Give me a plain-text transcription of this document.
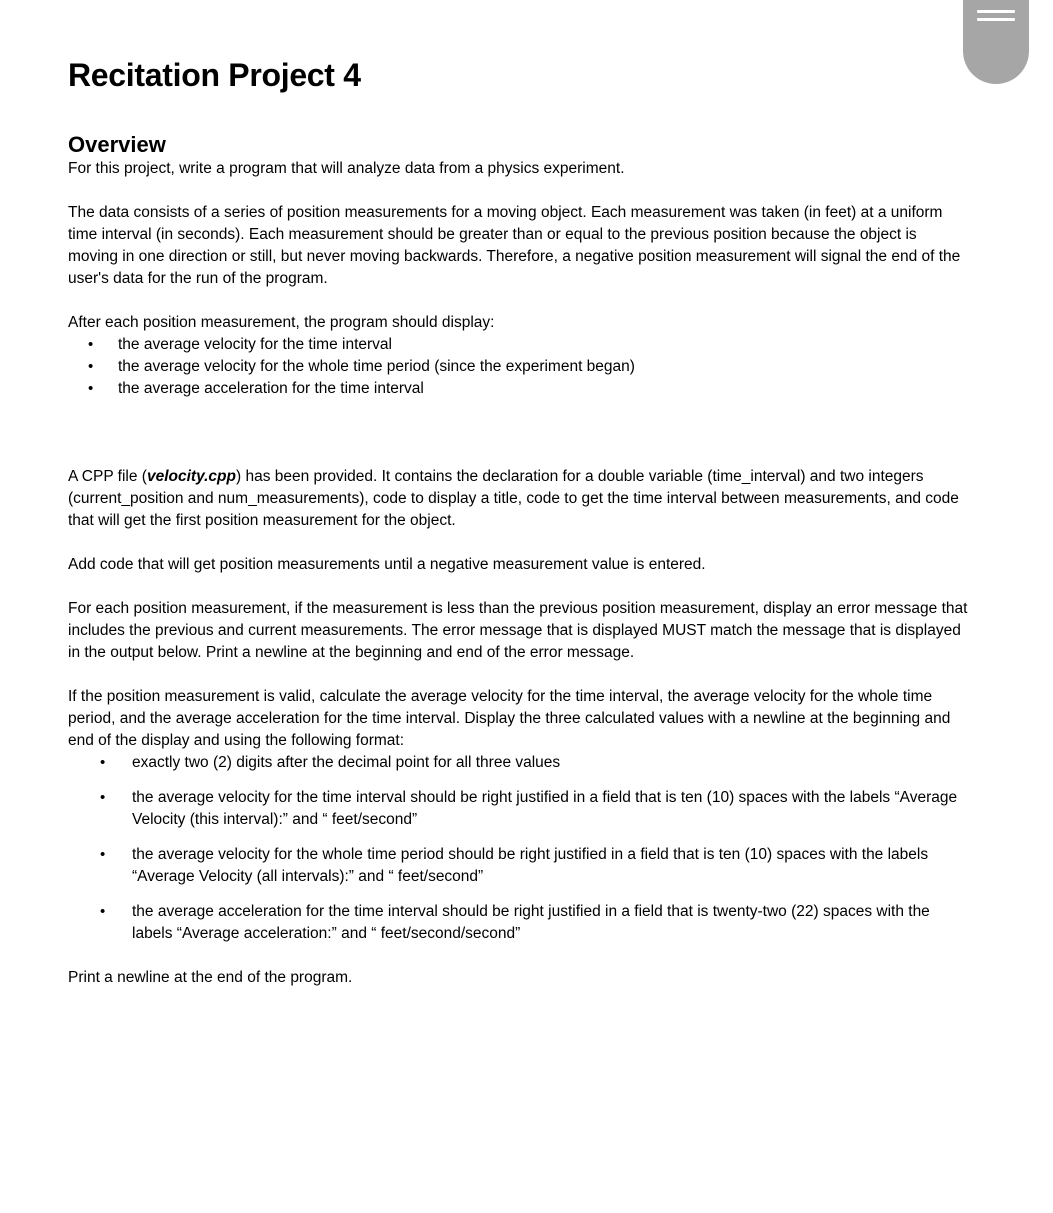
Recitation Project 4
Overview

For this project, write a program that will analyze data from a physics experiment.

The data consists of a series of position measurements for a moving object. Each measurement was taken (in feet) at a uniform time interval (in seconds). Each measurement should be greater than or equal to the previous position because the object is moving in one direction or still, but never moving backwards. Therefore, a negative position measurement will signal the end of the user's data for the run of the program.

After each position measurement, the program should display:

• the average velocity for the time interval
• the average velocity for the whole time period (since the experiment began)
• the average acceleration for the time interval

A CPP file (velocity.cpp) has been provided. It contains the declaration for a double variable (time_interval) and two integers (current_position and num_measurements), code to display a title, code to get the time interval between measurements, and code that will get the first position measurement for the object.

Add code that will get position measurements until a negative measurement value is entered.

For each position measurement, if the measurement is less than the previous position measurement, display an error message that includes the previous and current measurements. The error message that is displayed MUST match the message that is displayed in the output below. Print a newline at the beginning and end of the error message.

If the position measurement is valid, calculate the average velocity for the time interval, the average velocity for the whole time period, and the average acceleration for the time interval. Display the three calculated values with a newline at the beginning and end of the display and using the following format:

• exactly two (2) digits after the decimal point for all three values
• the average velocity for the time interval should be right justified in a field that is ten (10) spaces with the labels “Average Velocity (this interval):” and “ feet/second”
• the average velocity for the whole time period should be right justified in a field that is ten (10) spaces with the labels “Average Velocity (all intervals):” and “ feet/second”
• the average acceleration for the time interval should be right justified in a field that is twenty-two (22) spaces with the labels “Average acceleration:” and “ feet/second/second”

Print a newline at the end of the program.
